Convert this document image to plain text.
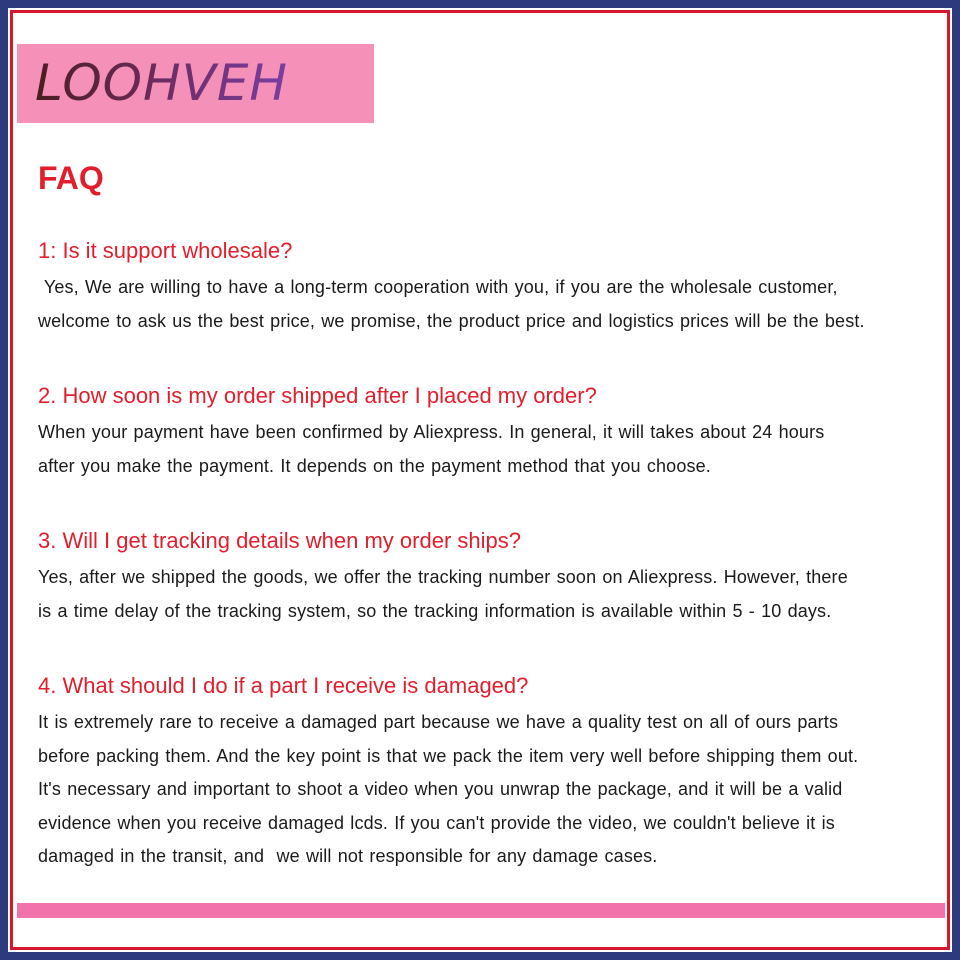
LOOHVEH
FAQ
1: Is it support wholesale?

Yes, We are willing to have a long-term cooperation with you, if you are the wholesale customer,
welcome to ask us the best price, we promise, the product price and logistics prices will be the best.

2. How soon is my order shipped after I placed my order?

When your payment have been confirmed by Aliexpress. In general, it will takes about 24 hours
after you make the payment. It depends on the payment method that you choose.

3. Will I get tracking details when my order ships?

Yes, after we shipped the goods, we offer the tracking number soon on Aliexpress. However, there
is a time delay of the tracking system, so the tracking information is available within 5 - 10 days.

4. What should I do if a part I receive is damaged?

It is extremely rare to receive a damaged part because we have a quality test on all of ours parts
before packing them. And the key point is that we pack the item very well before shipping them out.
It's necessary and important to shoot a video when you unwrap the package, and it will be a valid
evidence when you receive damaged lcds. If you can't provide the video, we couldn't believe it is
damaged in the transit, and  we will not responsible for any damage cases.
